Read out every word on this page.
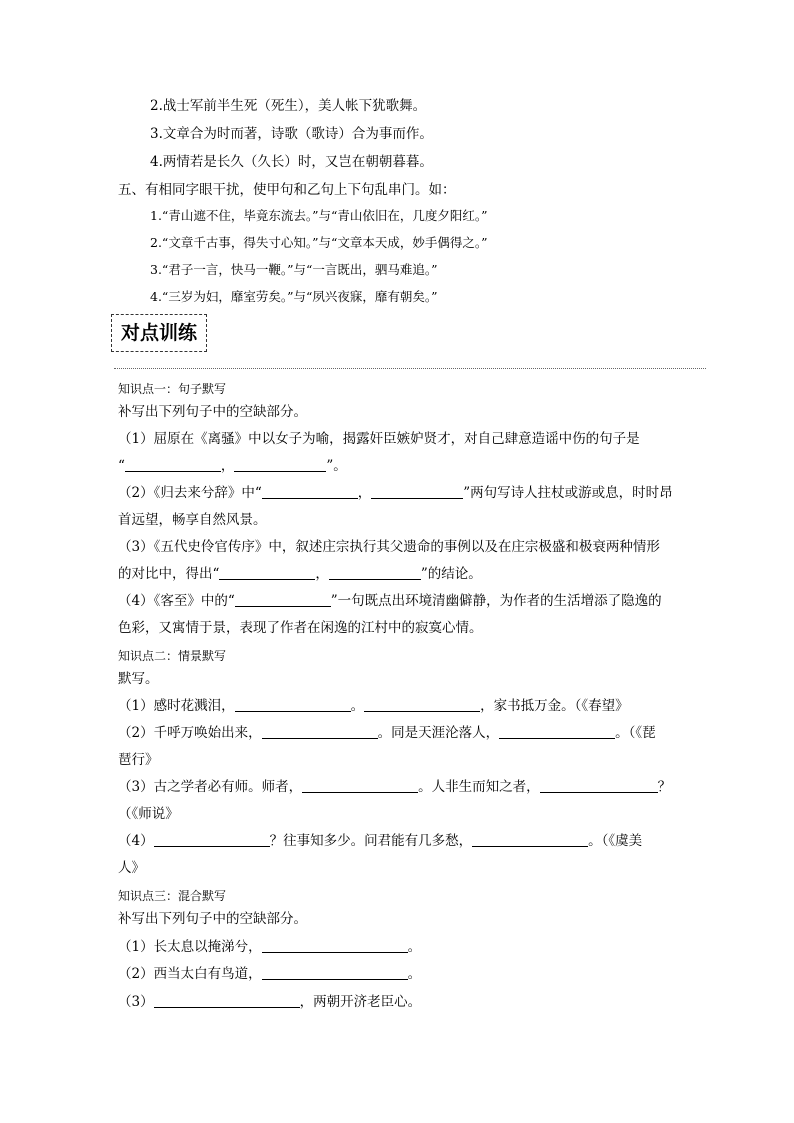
2.战士军前半生死（死生），美人帐下犹歌舞。
3.文章合为时而著，诗歌（歌诗）合为事而作。
4.两情若是长久（久长）时，又岂在朝朝暮暮。
五、有相同字眼干扰，使甲句和乙句上下句乱串门。如：
1.“青山遮不住，毕竟东流去。”与“青山依旧在，几度夕阳红。”
2.“文章千古事，得失寸心知。”与“文章本天成，妙手偶得之。”
3.“君子一言，快马一鞭。”与“一言既出，驷马难追。”
4.“三岁为妇，靡室劳矣。”与“夙兴夜寐，靡有朝矣。”
对点训练
知识点一：句子默写
补写出下列句子中的空缺部分。
（1）屈原在《离骚》中以女子为喻，揭露奸臣嫉妒贤才，对自己肆意造谣中伤的句子是
“	，	”。
（2）《归去来兮辞》中“	，	”两句写诗人拄杖或游或息，时时昂
首远望，畅享自然风景。
（3）《五代史伶官传序》中，叙述庄宗执行其父遗命的事例以及在庄宗极盛和极衰两种情形
的对比中，得出“	，	”的结论。
（4）《客至》中的“	”一句既点出环境清幽僻静，为作者的生活增添了隐逸的
色彩，又寓情于景，表现了作者在闲逸的江村中的寂寞心情。
知识点二：情景默写
默写。
（1）感时花溅泪，	。	，家书抵万金。（《春望》
（2）千呼万唤始出来，	。同是天涯沦落人，	。（《琵
琶行》
（3）古之学者必有师。师者，	。人非生而知之者，	？
（《师说》
（4）	？往事知多少。问君能有几多愁，	。（《虞美
人》
知识点三：混合默写
补写出下列句子中的空缺部分。
（1）长太息以掩涕兮，	。
（2）西当太白有鸟道，	。
（3）	，两朝开济老臣心。
